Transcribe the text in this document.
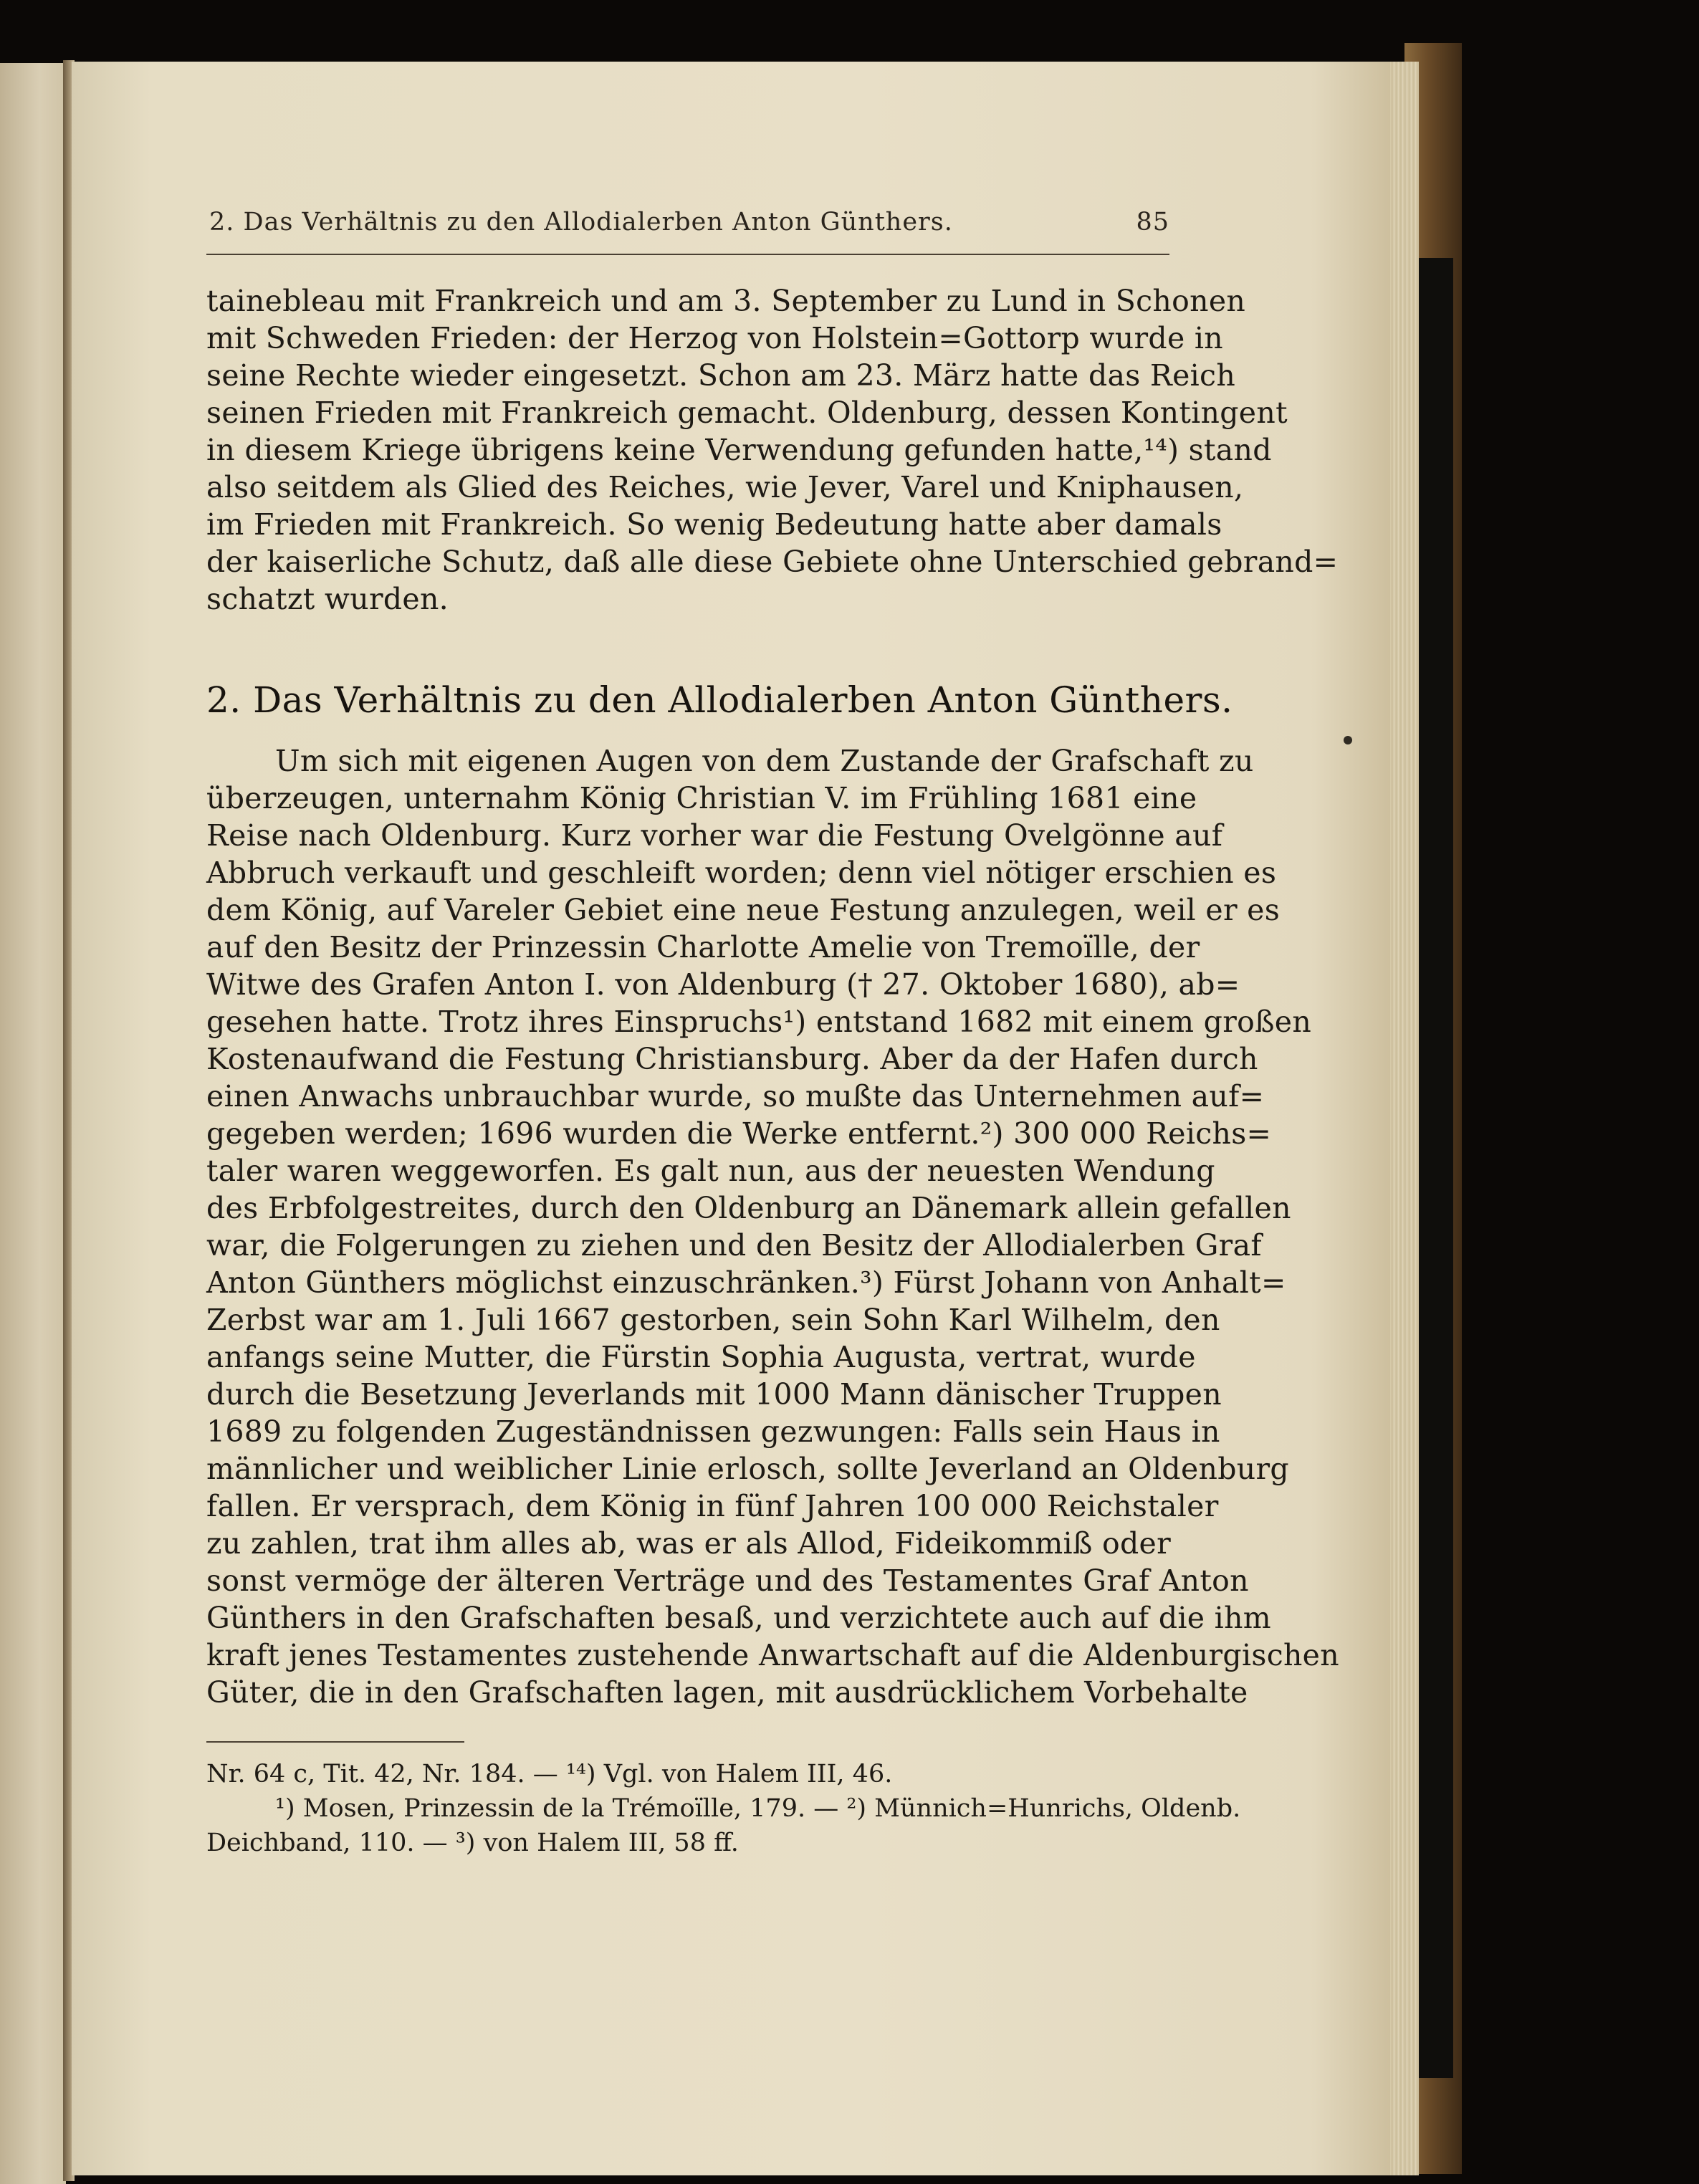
2. Das Verhältnis zu den Allodialerben Anton Günthers.	85
tainebleau mit Frankreich und am 3. September zu Lund in Schonen
mit Schweden Frieden: der Herzog von Holstein=Gottorp wurde in
seine Rechte wieder eingesetzt. Schon am 23. März hatte das Reich
seinen Frieden mit Frankreich gemacht. Oldenburg, dessen Kontingent
in diesem Kriege übrigens keine Verwendung gefunden hatte,¹⁴) stand
also seitdem als Glied des Reiches, wie Jever, Varel und Kniphausen,
im Frieden mit Frankreich. So wenig Bedeutung hatte aber damals
der kaiserliche Schutz, daß alle diese Gebiete ohne Unterschied gebrand=
schatzt wurden.
2. Das Verhältnis zu den Allodialerben Anton Günthers.
Um sich mit eigenen Augen von dem Zustande der Grafschaft zu
überzeugen, unternahm König Christian V. im Frühling 1681 eine
Reise nach Oldenburg. Kurz vorher war die Festung Ovelgönne auf
Abbruch verkauft und geschleift worden; denn viel nötiger erschien es
dem König, auf Vareler Gebiet eine neue Festung anzulegen, weil er es
auf den Besitz der Prinzessin Charlotte Amelie von Tremoïlle, der
Witwe des Grafen Anton I. von Aldenburg († 27. Oktober 1680), ab=
gesehen hatte. Trotz ihres Einspruchs¹) entstand 1682 mit einem großen
Kostenaufwand die Festung Christiansburg. Aber da der Hafen durch
einen Anwachs unbrauchbar wurde, so mußte das Unternehmen auf=
gegeben werden; 1696 wurden die Werke entfernt.²) 300 000 Reichs=
taler waren weggeworfen. Es galt nun, aus der neuesten Wendung
des Erbfolgestreites, durch den Oldenburg an Dänemark allein gefallen
war, die Folgerungen zu ziehen und den Besitz der Allodialerben Graf
Anton Günthers möglichst einzuschränken.³) Fürst Johann von Anhalt=
Zerbst war am 1. Juli 1667 gestorben, sein Sohn Karl Wilhelm, den
anfangs seine Mutter, die Fürstin Sophia Augusta, vertrat, wurde
durch die Besetzung Jeverlands mit 1000 Mann dänischer Truppen
1689 zu folgenden Zugeständnissen gezwungen: Falls sein Haus in
männlicher und weiblicher Linie erlosch, sollte Jeverland an Oldenburg
fallen. Er versprach, dem König in fünf Jahren 100 000 Reichstaler
zu zahlen, trat ihm alles ab, was er als Allod, Fideikommiß oder
sonst vermöge der älteren Verträge und des Testamentes Graf Anton
Günthers in den Grafschaften besaß, und verzichtete auch auf die ihm
kraft jenes Testamentes zustehende Anwartschaft auf die Aldenburgischen
Güter, die in den Grafschaften lagen, mit ausdrücklichem Vorbehalte
Nr. 64 c, Tit. 42, Nr. 184. — ¹⁴) Vgl. von Halem III, 46.
¹) Mosen, Prinzessin de la Trémoïlle, 179. — ²) Münnich=Hunrichs, Oldenb.
Deichband, 110. — ³) von Halem III, 58 ff.
